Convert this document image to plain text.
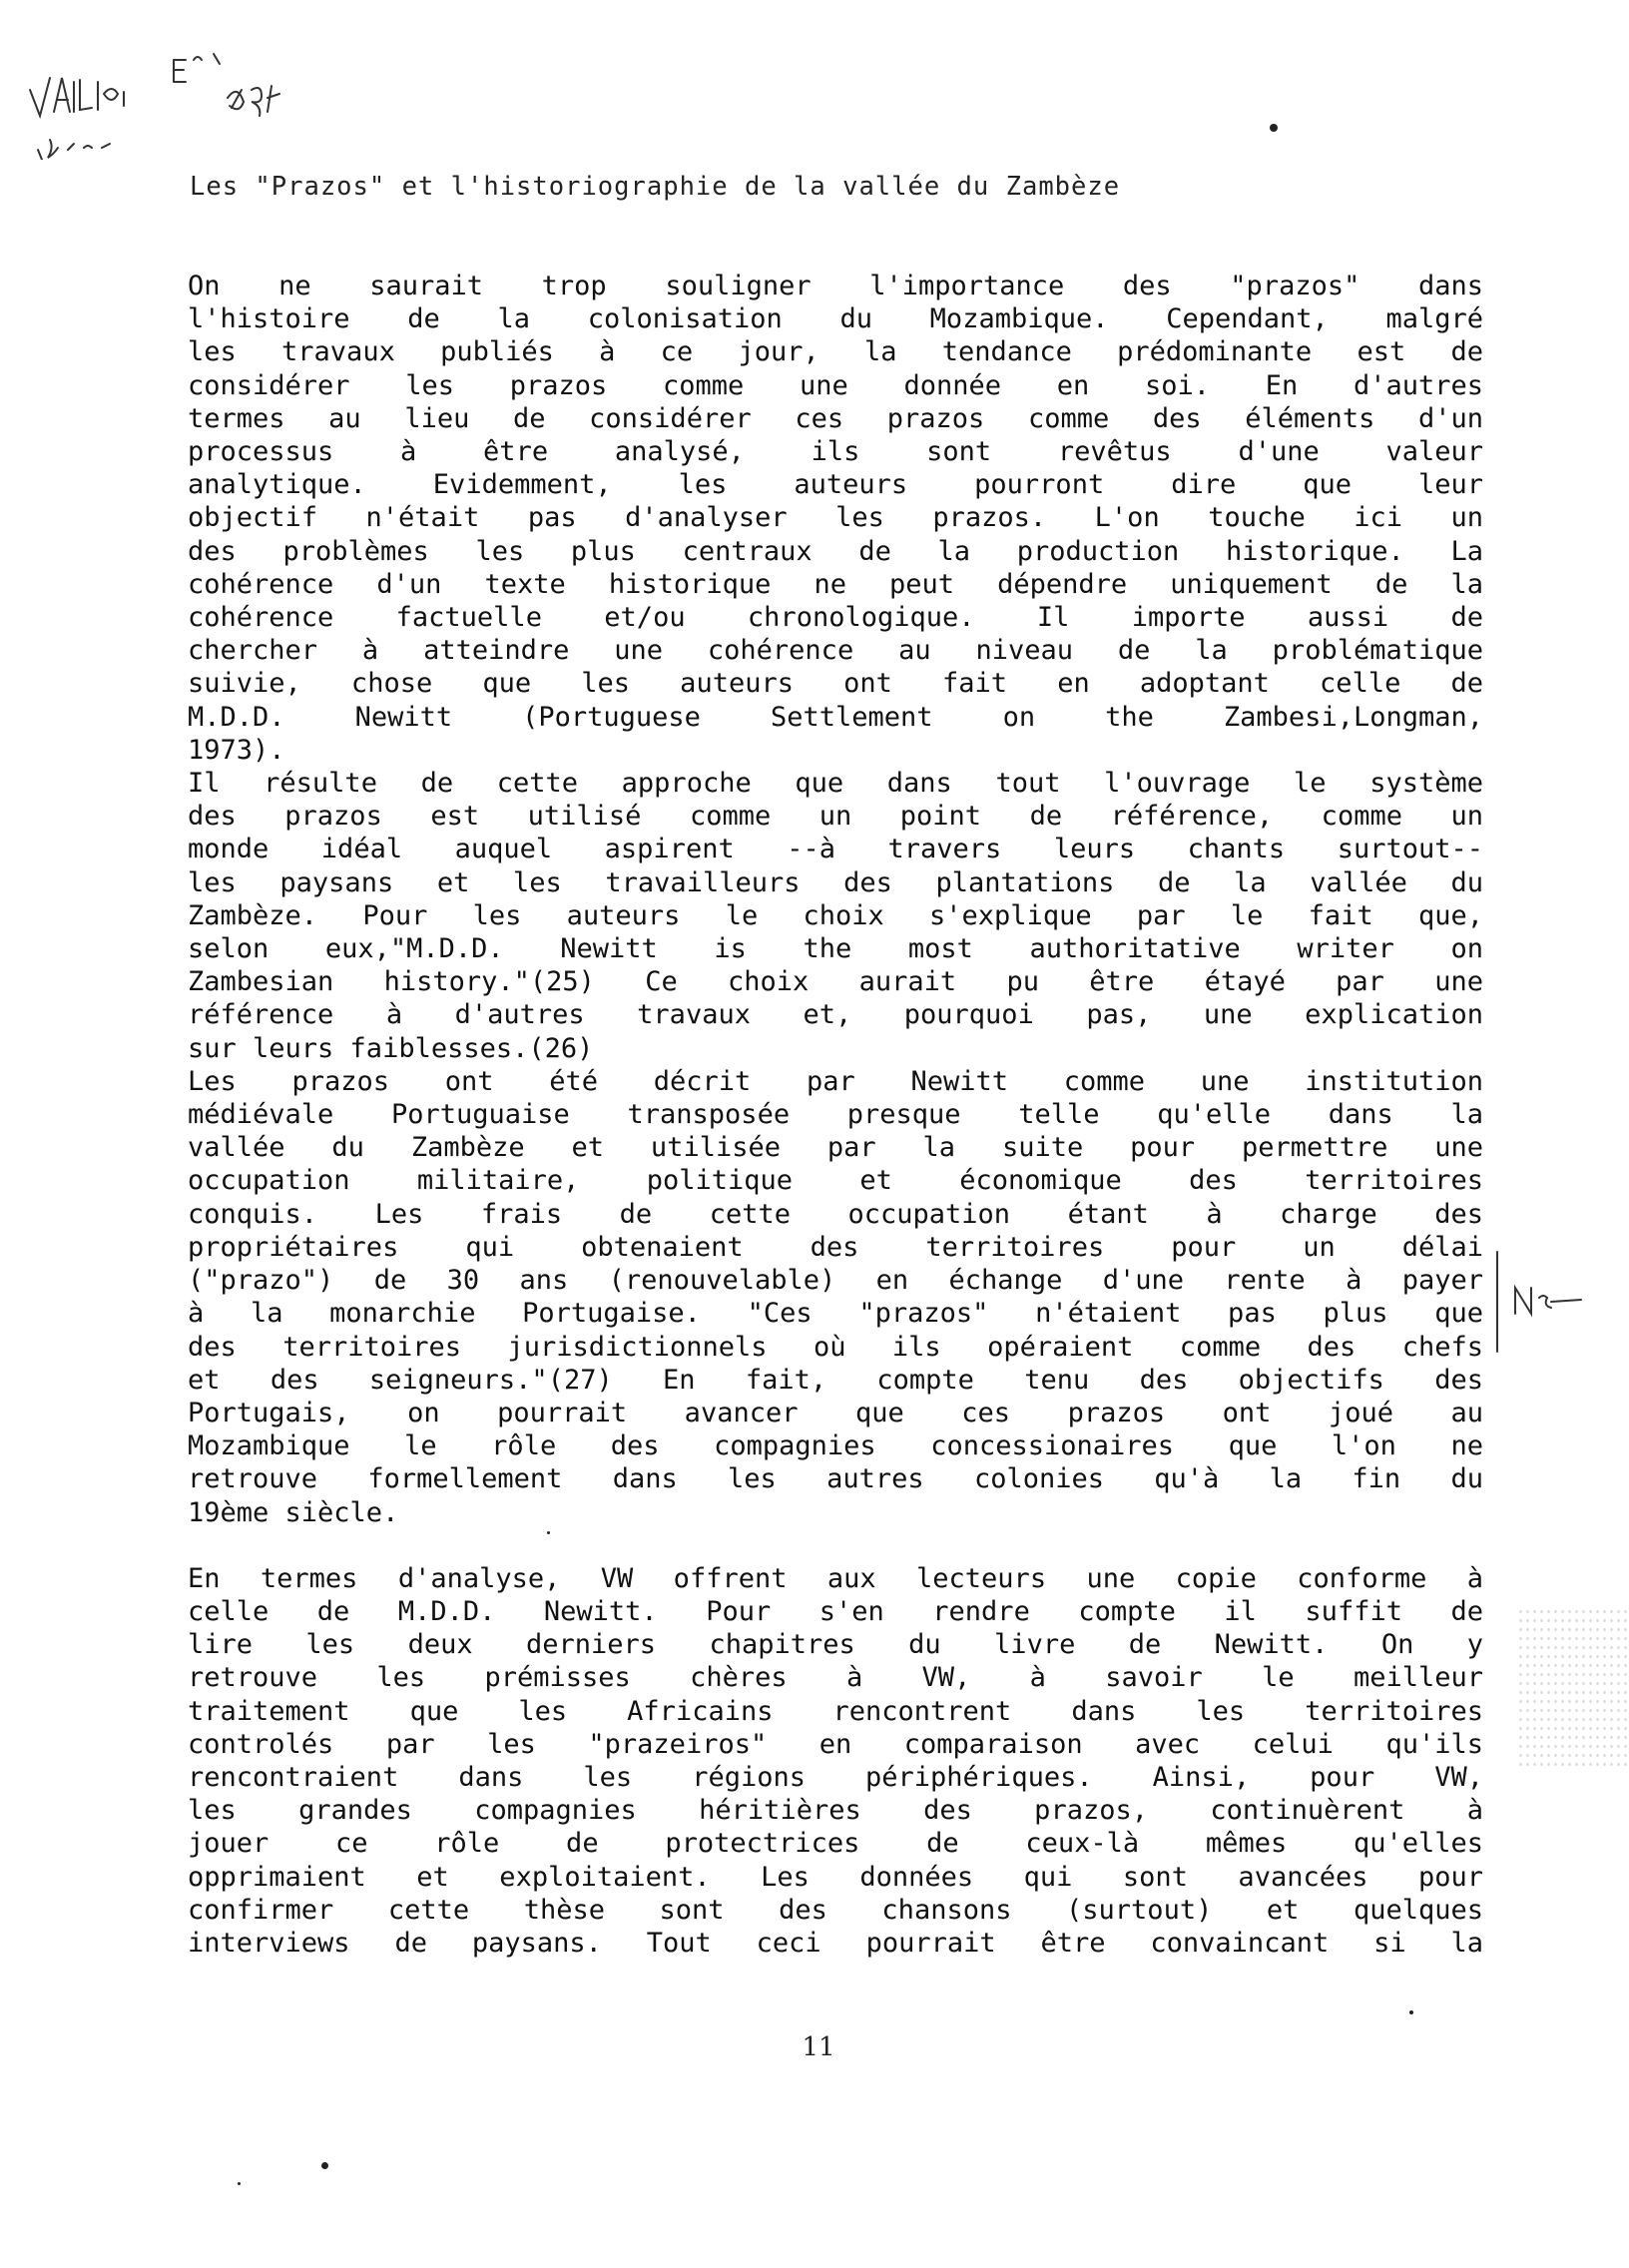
Les "Prazos" et l'historiographie de la vallée du Zambèze
On ne saurait trop souligner l'importance des "prazos" dans
l'histoire de la colonisation du Mozambique. Cependant, malgré
les travaux publiés à ce jour, la tendance prédominante est de
considérer les prazos comme une donnée en soi. En d'autres
termes au lieu de considérer ces prazos comme des éléments d'un
processus à être analysé, ils sont revêtus d'une valeur
analytique. Evidemment, les auteurs pourront dire que leur
objectif n'était pas d'analyser les prazos. L'on touche ici un
des problèmes les plus centraux de la production historique. La
cohérence d'un texte historique ne peut dépendre uniquement de la
cohérence factuelle et/ou chronologique. Il importe aussi de
chercher à atteindre une cohérence au niveau de la problématique
suivie, chose que les auteurs ont fait en adoptant celle de
M.D.D. Newitt (Portuguese Settlement on the Zambesi,Longman,
1973).
Il résulte de cette approche que dans tout l'ouvrage le système
des prazos est utilisé comme un point de référence, comme un
monde idéal auquel aspirent --à travers leurs chants surtout--
les paysans et les travailleurs des plantations de la vallée du
Zambèze. Pour les auteurs le choix s'explique par le fait que,
selon eux,"M.D.D. Newitt is the most authoritative writer on
Zambesian history."(25) Ce choix aurait pu être étayé par une
référence à d'autres travaux et, pourquoi pas, une explication
sur leurs faiblesses.(26)
Les prazos ont été décrit par Newitt comme une institution
médiévale Portuguaise transposée presque telle qu'elle dans la
vallée du Zambèze et utilisée par la suite pour permettre une
occupation militaire, politique et économique des territoires
conquis. Les frais de cette occupation étant à charge des
propriétaires qui obtenaient des territoires pour un délai
("prazo") de 30 ans (renouvelable) en échange d'une rente à payer
à la monarchie Portugaise. "Ces "prazos" n'étaient pas plus que
des territoires jurisdictionnels où ils opéraient comme des chefs
et des seigneurs."(27) En fait, compte tenu des objectifs des
Portugais, on pourrait avancer que ces prazos ont joué au
Mozambique le rôle des compagnies concessionaires que l'on ne
retrouve formellement dans les autres colonies qu'à la fin du
19ème siècle.
En termes d'analyse, VW offrent aux lecteurs une copie conforme à
celle de M.D.D. Newitt. Pour s'en rendre compte il suffit de
lire les deux derniers chapitres du livre de Newitt. On y
retrouve les prémisses chères à VW, à savoir le meilleur
traitement que les Africains rencontrent dans les territoires
controlés par les "prazeiros" en comparaison avec celui qu'ils
rencontraient dans les régions périphériques. Ainsi, pour VW,
les grandes compagnies héritières des prazos, continuèrent à
jouer ce rôle de protectrices de ceux-là mêmes qu'elles
opprimaient et exploitaient. Les données qui sont avancées pour
confirmer cette thèse sont des chansons (surtout) et quelques
interviews de paysans. Tout ceci pourrait être convaincant si la
11
